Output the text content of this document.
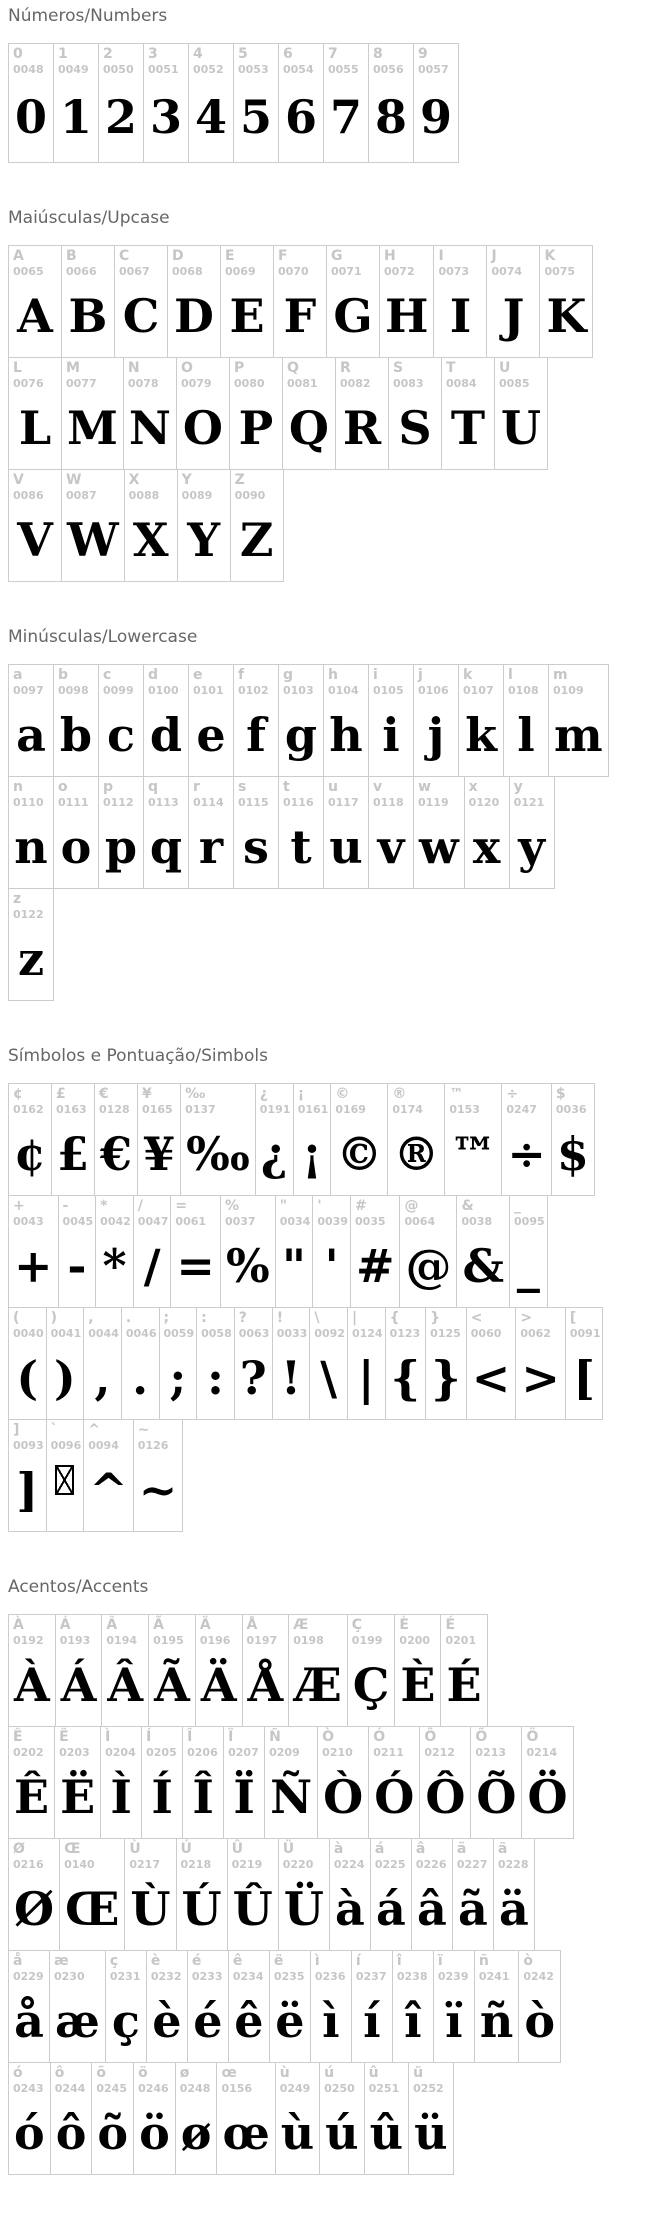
Números/Numbers
0
0048
0
1
0049
1
2
0050
2
3
0051
3
4
0052
4
5
0053
5
6
0054
6
7
0055
7
8
0056
8
9
0057
9
Maiúsculas/Upcase
A
0065
A
B
0066
B
C
0067
C
D
0068
D
E
0069
E
F
0070
F
G
0071
G
H
0072
H
I
0073
I
J
0074
J
K
0075
K
L
0076
L
M
0077
M
N
0078
N
O
0079
O
P
0080
P
Q
0081
Q
R
0082
R
S
0083
S
T
0084
T
U
0085
U
V
0086
V
W
0087
W
X
0088
X
Y
0089
Y
Z
0090
Z
Minúsculas/Lowercase
a
0097
a
b
0098
b
c
0099
c
d
0100
d
e
0101
e
f
0102
f
g
0103
g
h
0104
h
i
0105
i
j
0106
j
k
0107
k
l
0108
l
m
0109
m
n
0110
n
o
0111
o
p
0112
p
q
0113
q
r
0114
r
s
0115
s
t
0116
t
u
0117
u
v
0118
v
w
0119
w
x
0120
x
y
0121
y
z
0122
z
Símbolos e Pontuação/Simbols
¢
0162
¢
£
0163
£
€
0128
€
¥
0165
¥
‰
0137
‰
¿
0191
¿
¡
0161
¡
©
0169
©
®
0174
®
™
0153
™
÷
0247
÷
$
0036
$
+
0043
+
-
0045
-
*
0042
*
/
0047
/
=
0061
=
%
0037
%
"
0034
"
'
0039
'
#
0035
#
@
0064
@
&
0038
&
_
0095
_
(
0040
(
)
0041
)
,
0044
,
.
0046
.
;
0059
;
:
0058
:
?
0063
?
!
0033
!
\
0092
\
|
0124
|
{
0123
{
}
0125
}
<
0060
<
>
0062
>
[
0091
[
]
0093
]
`
0096
^
0094
^
~
0126
~
Acentos/Accents
À
0192
À
Á
0193
Á
Â
0194
Â
Ã
0195
Ã
Ä
0196
Ä
Å
0197
Å
Æ
0198
Æ
Ç
0199
Ç
È
0200
È
É
0201
É
Ê
0202
Ê
Ë
0203
Ë
Ì
0204
Ì
Í
0205
Í
Î
0206
Î
Ï
0207
Ï
Ñ
0209
Ñ
Ò
0210
Ò
Ó
0211
Ó
Ô
0212
Ô
Õ
0213
Õ
Ö
0214
Ö
Ø
0216
Ø
Œ
0140
Œ
Ù
0217
Ù
Ú
0218
Ú
Û
0219
Û
Ü
0220
Ü
à
0224
à
á
0225
á
â
0226
â
ã
0227
ã
ä
0228
ä
å
0229
å
æ
0230
æ
ç
0231
ç
è
0232
è
é
0233
é
ê
0234
ê
ë
0235
ë
ì
0236
ì
í
0237
í
î
0238
î
ï
0239
ï
ñ
0241
ñ
ò
0242
ò
ó
0243
ó
ô
0244
ô
õ
0245
õ
ö
0246
ö
ø
0248
ø
œ
0156
œ
ù
0249
ù
ú
0250
ú
û
0251
û
ü
0252
ü
